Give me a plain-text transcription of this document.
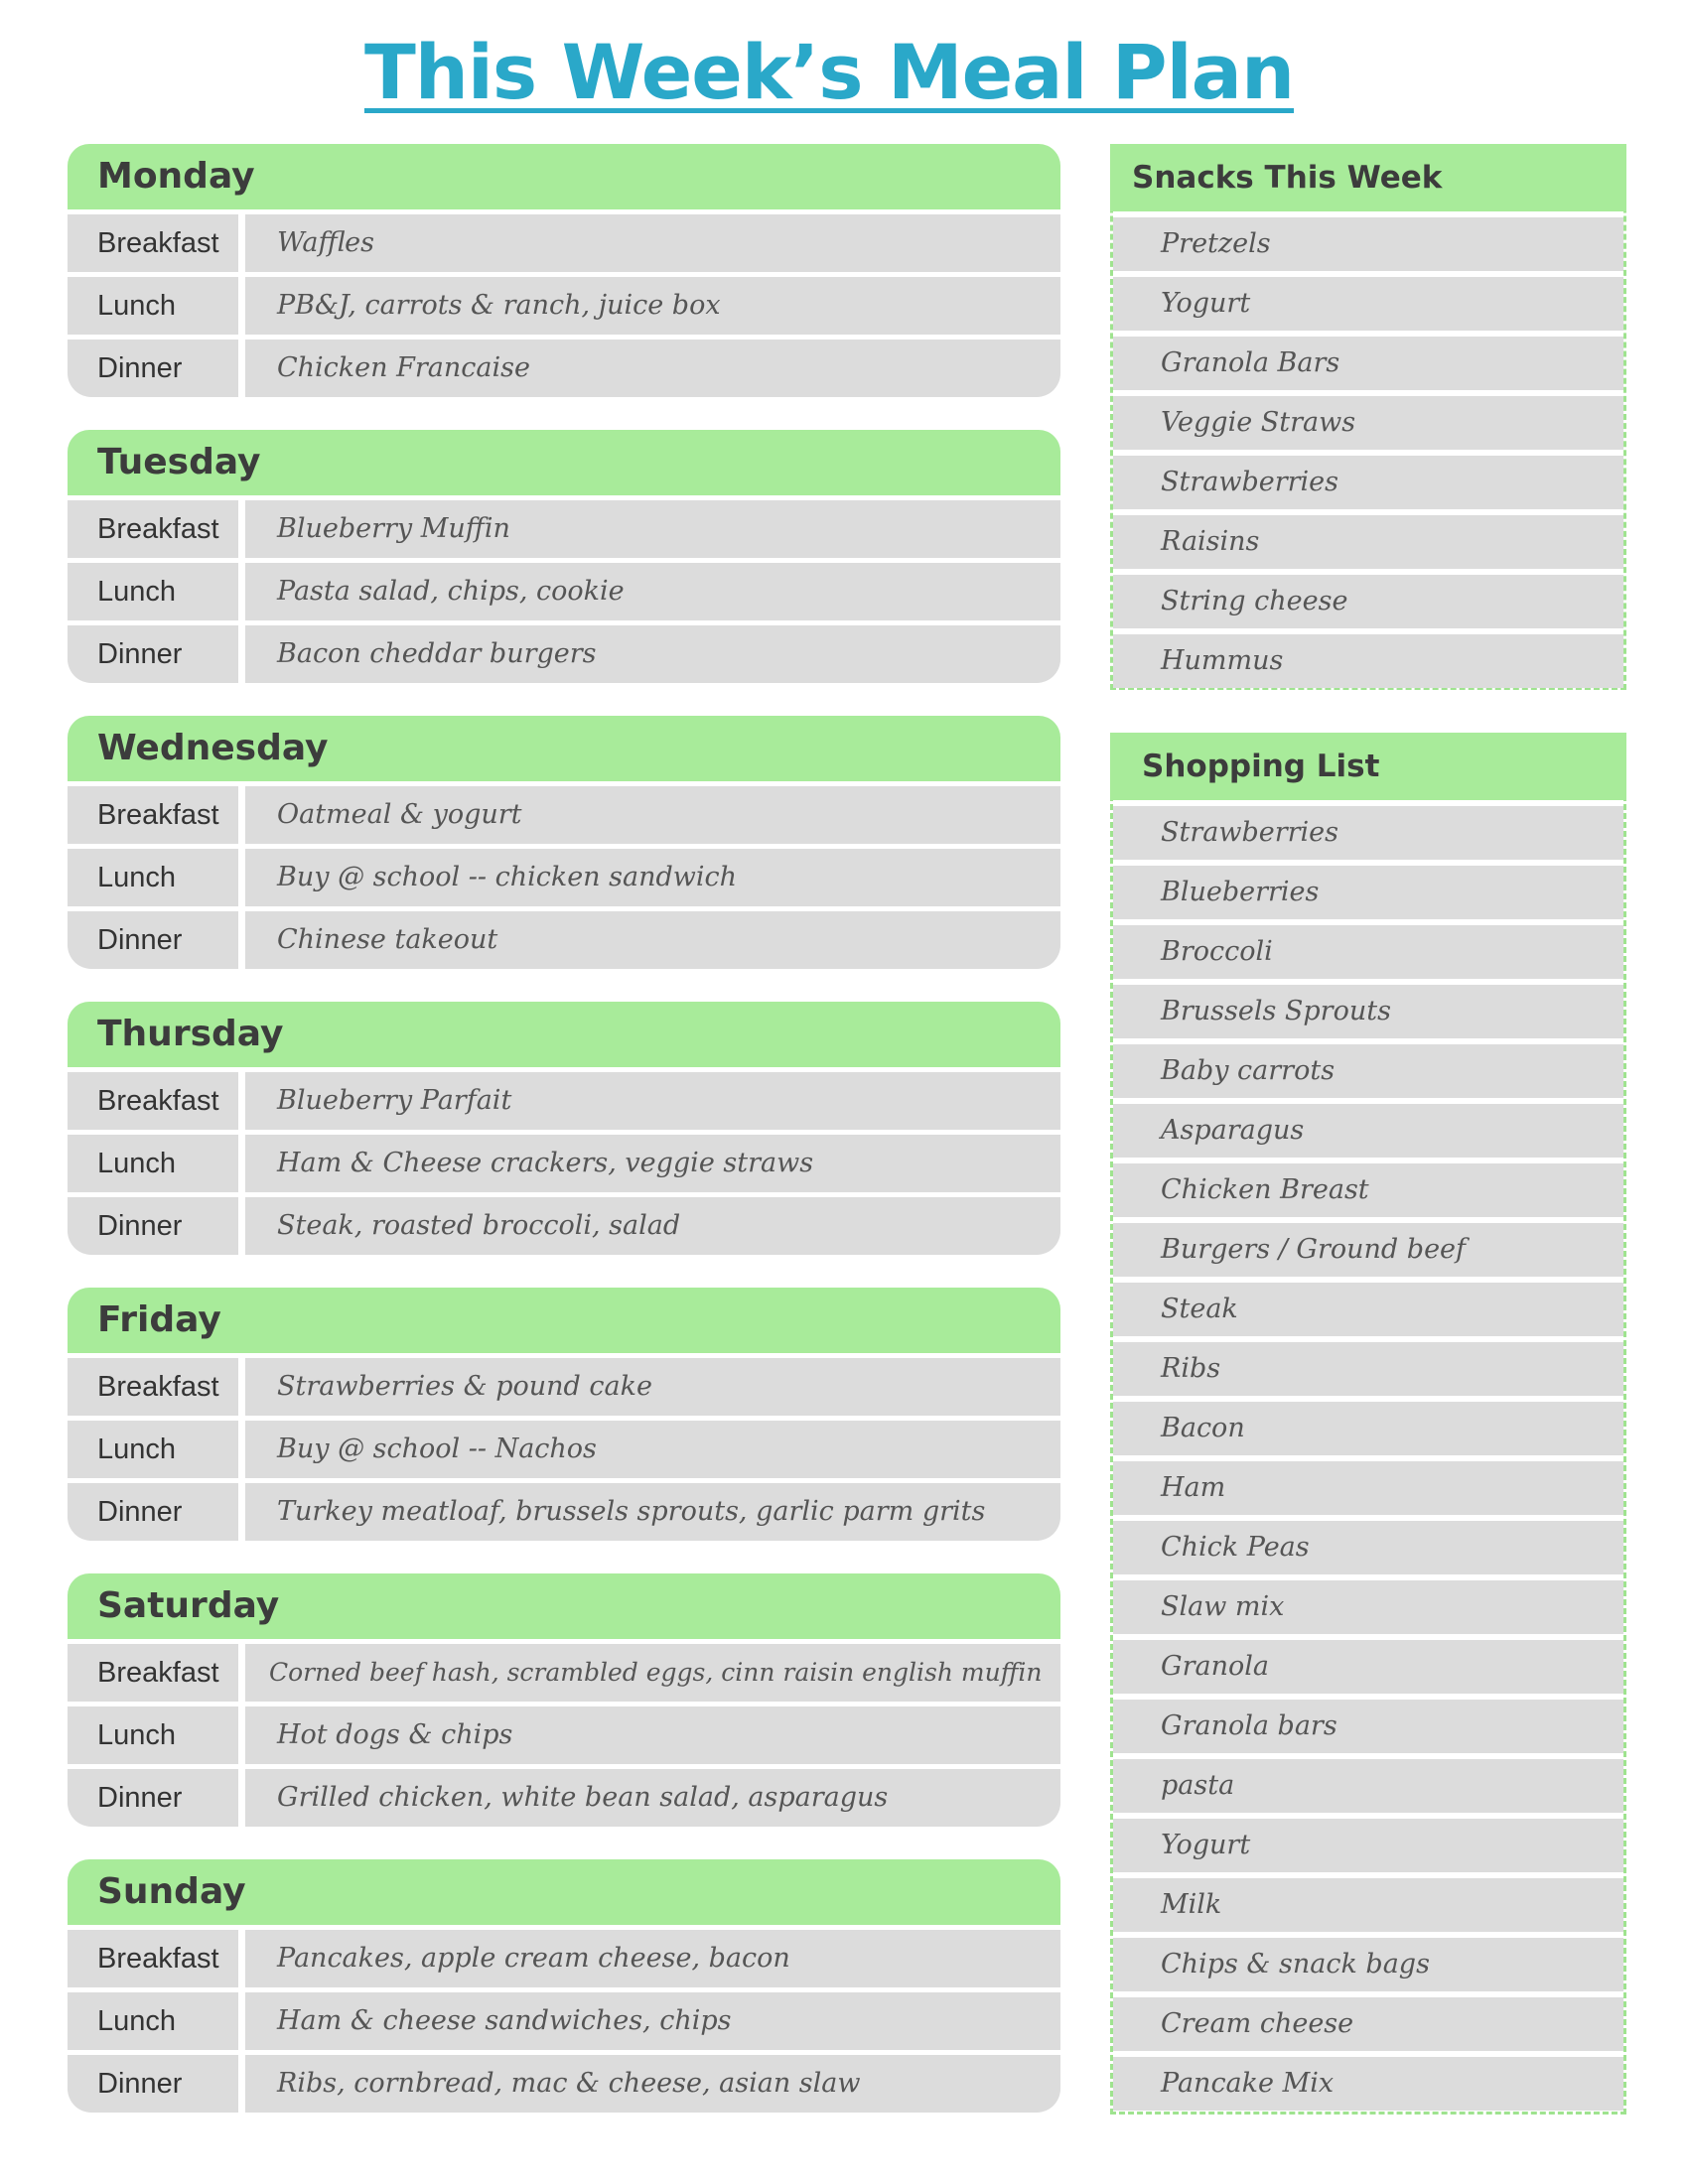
This Week’s Meal Plan
Monday
Breakfast	Waffles
Lunch	PB&J, carrots & ranch, juice box
Dinner	Chicken Francaise
Tuesday
Breakfast	Blueberry Muffin
Lunch	Pasta salad, chips, cookie
Dinner	Bacon cheddar burgers
Wednesday
Breakfast	Oatmeal & yogurt
Lunch	Buy @ school -- chicken sandwich
Dinner	Chinese takeout
Thursday
Breakfast	Blueberry Parfait
Lunch	Ham & Cheese crackers, veggie straws
Dinner	Steak, roasted broccoli, salad
Friday
Breakfast	Strawberries & pound cake
Lunch	Buy @ school -- Nachos
Dinner	Turkey meatloaf, brussels sprouts, garlic parm grits
Saturday
Breakfast	Corned beef hash, scrambled eggs, cinn raisin english muffin
Lunch	Hot dogs & chips
Dinner	Grilled chicken, white bean salad, asparagus
Sunday
Breakfast	Pancakes, apple cream cheese, bacon
Lunch	Ham & cheese sandwiches, chips
Dinner	Ribs, cornbread, mac & cheese, asian slaw
Snacks This Week
Pretzels
Yogurt
Granola Bars
Veggie Straws
Strawberries
Raisins
String cheese
Hummus
Shopping List
Strawberries
Blueberries
Broccoli
Brussels Sprouts
Baby carrots
Asparagus
Chicken Breast
Burgers / Ground beef
Steak
Ribs
Bacon
Ham
Chick Peas
Slaw mix
Granola
Granola bars
pasta
Yogurt
Milk
Chips & snack bags
Cream cheese
Pancake Mix
